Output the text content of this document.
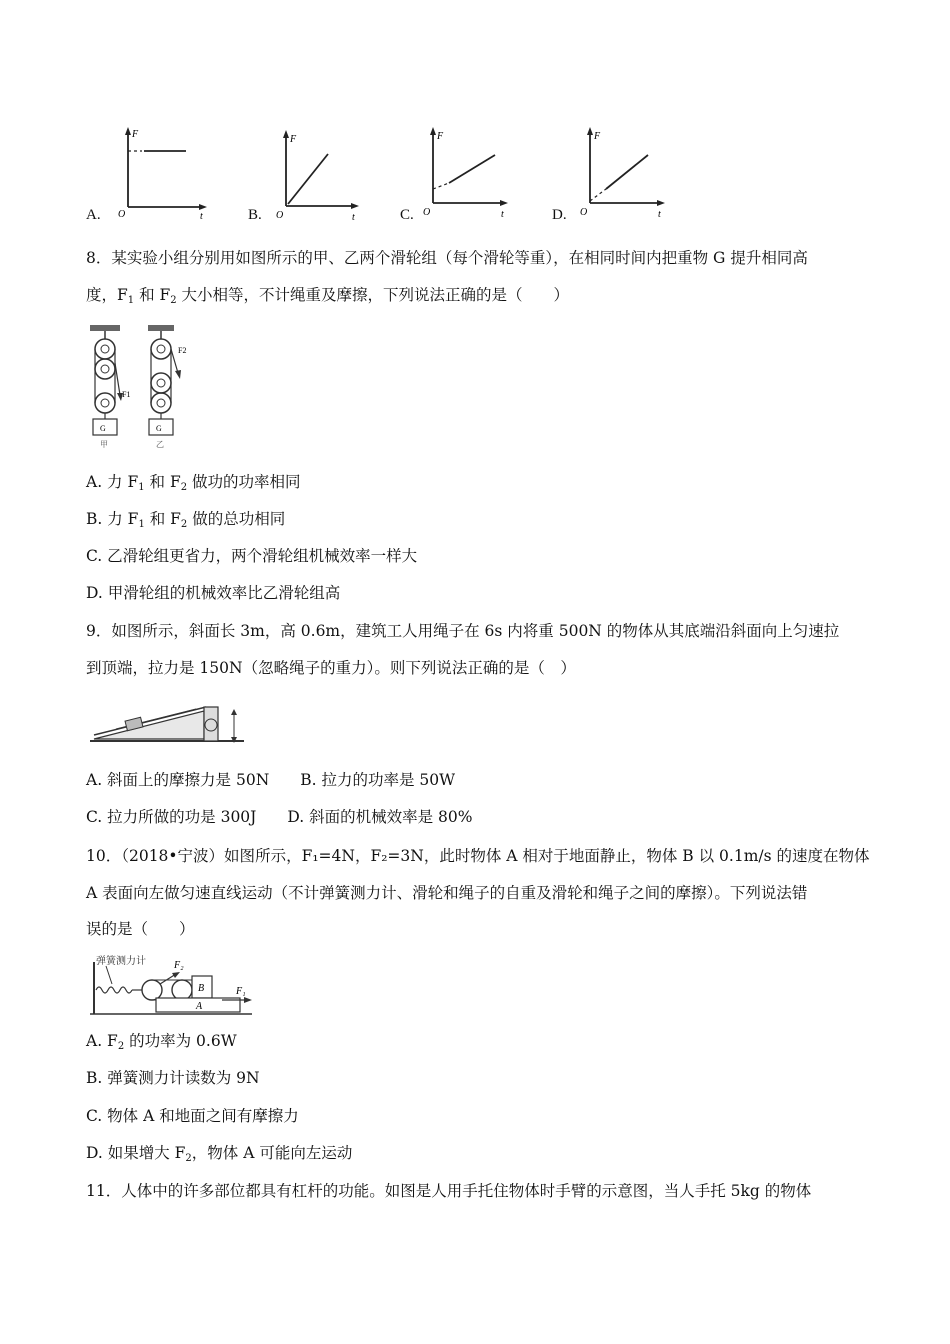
A.
F
O	t	B.
F
O	t	C.
F
O	t	D.
F
O	t
8．某实验小组分别用如图所示的甲、乙两个滑轮组（每个滑轮等重），在相同时间内把重物 G 提升相同高
度，$F_1$ 和 $F_2$ 大小相等，不计绳重及摩擦，下列说法正确的是（　　）
F1
G
甲
F2
G
乙
A. 力 $F_1$ 和 $F_2$ 做功的功率相同
B. 力 $F_1$ 和 $F_2$ 做的总功相同
C. 乙滑轮组更省力，两个滑轮组机械效率一样大
D. 甲滑轮组的机械效率比乙滑轮组高
9．如图所示，斜面长 3m，高 0.6m，建筑工人用绳子在 6s 内将重 500N 的物体从其底端沿斜面向上匀速拉
到顶端，拉力是 150N（忽略绳子的重力）。则下列说法正确的是（　）
A. 斜面上的摩擦力是 50N　　B. 拉力的功率是 50W
C. 拉力所做的功是 300J　　D. 斜面的机械效率是 80%
10．（2018•宁波）如图所示，F₁=4N，F₂=3N，此时物体 A 相对于地面静止，物体 B 以 0.1m/s 的速度在物体
A 表面向左做匀速直线运动（不计弹簧测力计、滑轮和绳子的自重及滑轮和绳子之间的摩擦）。下列说法错
误的是（　　）
弹簧测力计	F₂
B
A
F₁
A. $F_2$ 的功率为 0.6W
B. 弹簧测力计读数为 9N
C. 物体 A 和地面之间有摩擦力
D. 如果增大 $F_2$，物体 A 可能向左运动
11．人体中的许多部位都具有杠杆的功能。如图是人用手托住物体时手臂的示意图，当人手托 5kg 的物体
